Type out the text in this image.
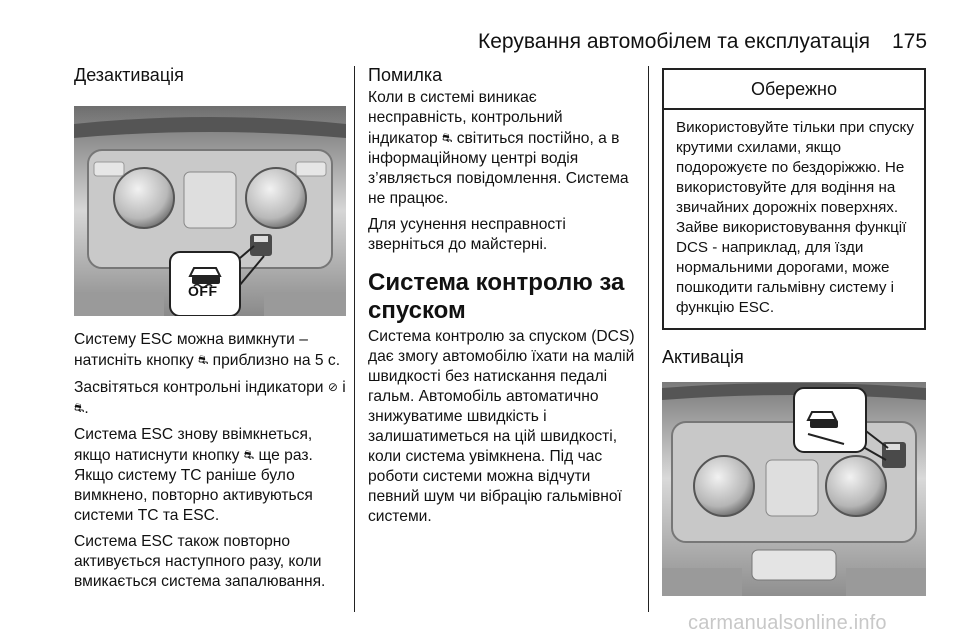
Керування автомобілем та експлуатація 175
Дезактивація
OFF
Систему ESC можна вимкнути – натисніть кнопку ⛐ приблизно на 5 с.
Засвітяться контрольні індикатори ⊘ і ⛐.
Система ESC знову ввімкнеться, якщо натиснути кнопку ⛐ ще раз. Якщо систему TC раніше було вимкнено, повторно активуються системи TC та ESC.
Система ESC також повторно активується наступного разу, коли вмикається система запалювання.
Помилка
Коли в системі виникає несправність, контрольний індикатор ⛐ світиться постійно, а в інформаційному центрі водія з’являється повідомлення. Система не працює.
Для усунення несправності зверніться до майстерні.
Система контролю за спуском
Система контролю за спуском (DCS) дає змогу автомобілю їхати на малій швидкості без натискання педалі гальм. Автомобіль автоматично знижуватиме швидкість і залишатиметься на цій швидкості, коли система увімкнена. Під час роботи системи можна відчути певний шум чи вібрацію гальмівної системи.
Обережно
Використовуйте тільки при спуску крутими схилами, якщо подорожуєте по бездоріжжю. Не використовуйте для водіння на звичайних дорожніх поверхнях. Зайве використовування функції DCS - наприклад, для їзди нормальними дорогами, може пошкодити гальмівну систему і функцію ESC.
Активація
carmanualsonline.info
